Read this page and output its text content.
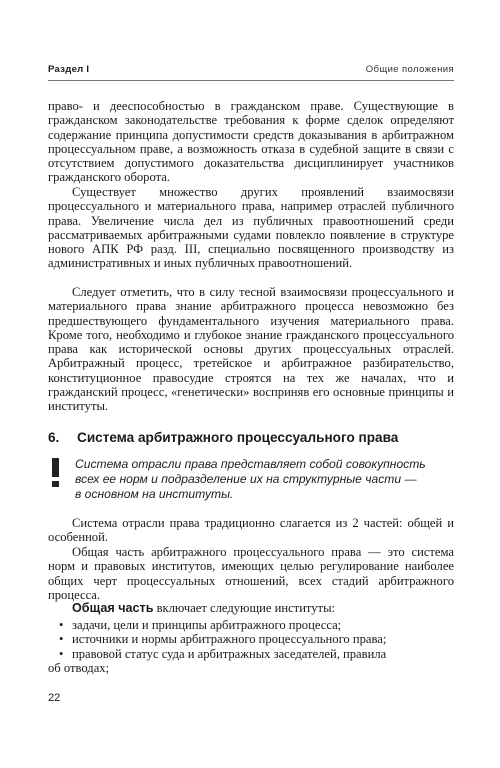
Раздел I	Общие положения

право- и дееспособностью в гражданском праве. Существующие в гражданском законодательстве требования к форме сделок определяют содержание принципа допустимости средств доказывания в арбитражном процессуальном праве, а возможность отказа в судебной защите в связи с отсутствием допустимого доказательства дисциплинирует участников гражданского оборота.

Существует множество других проявлений взаимосвязи процессуального и материального права, например отраслей публичного права. Увеличение числа дел из публичных правоотношений среди рассматриваемых арбитражными судами повлекло появление в структуре нового АПК РФ разд. III, специально посвященного производству из административных и иных публичных правоотношений.

Следует отметить, что в силу тесной взаимосвязи процессуального и материального права знание арбитражного процесса невозможно без предшествующего фундаментального изучения материального права. Кроме того, необходимо и глубокое знание гражданского процессуального права как исторической основы других процессуальных отраслей. Арбитражный процесс, третейское и арбитражное разбирательство, конституционное правосудие строятся на тех же началах, что и гражданский процесс, «генетически» восприняв его основные принципы и институты.

6. Система арбитражного процессуального права
Система отрасли права представляет собой совокупность
всех ее норм и подразделение их на структурные части —
в основном на институты.

Система отрасли права традиционно слагается из 2 частей: общей и особенной.

Общая часть арбитражного процессуального права — это система норм и правовых институтов, имеющих целью регулирование наиболее общих черт процессуальных отношений, всех стадий арбитражного процесса.

Общая часть включает следующие институты:

• задачи, цели и принципы арбитражного процесса;
• источники и нормы арбитражного процессуального права;
• правовой статус суда и арбитражных заседателей, правила
об отводах;
22
